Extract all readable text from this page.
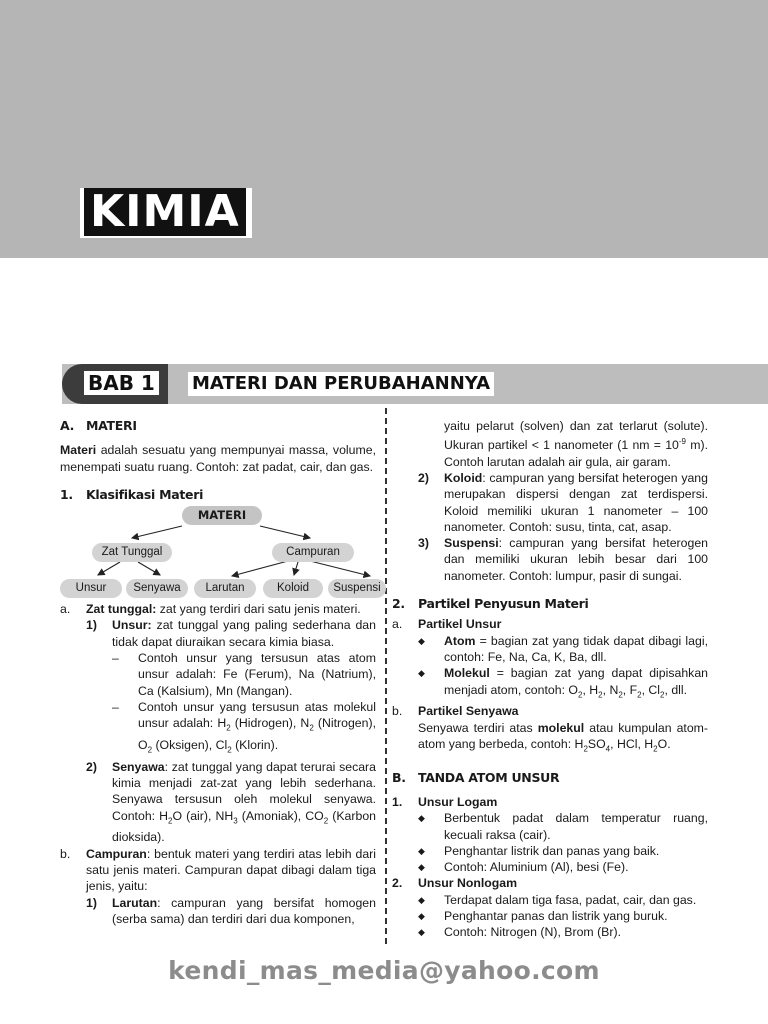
KIMIA
BAB 1 MATERI DAN PERUBAHANNYA
A. MATERI

Materi adalah sesuatu yang mempunyai massa, volume, menempati suatu ruang. Contoh: zat padat, cair, dan gas.

1.	Klasifikasi Materi
MATERI
Zat Tunggal	Campuran
Unsur	Senyawa	Larutan	Koloid	Suspensi
a.	Zat tunggal: zat yang terdiri dari satu jenis materi.
1)	Unsur: zat tunggal yang paling sederhana dan tidak dapat diuraikan secara kimia biasa.
–	Contoh unsur yang tersusun atas atom unsur adalah: Fe (Ferum), Na (Natrium), Ca (Kalsium), Mn (Mangan).
–	Contoh unsur yang tersusun atas molekul unsur adalah: $H_2$ (Hidrogen), $N_2$ (Nitrogen), $O_2$ (Oksigen), $Cl_2$ (Klorin).
2)	Senyawa: zat tunggal yang dapat terurai secara kimia menjadi zat-zat yang lebih sederhana. Senyawa tersusun oleh molekul senyawa. Contoh: $H_2O$ (air), $NH_3$ (Amoniak), $CO_2$ (Karbon dioksida).
b.	Campuran: bentuk materi yang terdiri atas lebih dari satu jenis materi. Campuran dapat dibagi dalam tiga jenis, yaitu:
1)	Larutan: campuran yang bersifat homogen (serba sama) dan terdiri dari dua komponen,
yaitu pelarut (solven) dan zat terlarut (solute). Ukuran partikel < 1 nanometer (1 nm = $10^{-9}$ m). Contoh larutan adalah air gula, air garam.
2)	Koloid: campuran yang bersifat heterogen yang merupakan dispersi dengan zat terdispersi. Koloid memiliki ukuran 1 nanometer – 100 nanometer. Contoh: susu, tinta, cat, asap.
3)	Suspensi: campuran yang bersifat heterogen dan memiliki ukuran lebih besar dari 100 nanometer. Contoh: lumpur, pasir di sungai.
2.	Partikel Penyusun Materi
a.	Partikel Unsur
◆	Atom = bagian zat yang tidak dapat dibagi lagi, contoh: Fe, Na, Ca, K, Ba, dll.
◆	Molekul = bagian zat yang dapat dipisahkan menjadi atom, contoh: $O_2$, $H_2$, $N_2$, $F_2$, $Cl_2$, dll.
b.	Partikel Senyawa
Senyawa terdiri atas molekul atau kumpulan atom-atom yang berbeda, contoh: $H_2SO_4$, HCl, $H_2O$.
B. TANDA ATOM UNSUR
1.	Unsur Logam
◆	Berbentuk padat dalam temperatur ruang, kecuali raksa (cair).
◆	Penghantar listrik dan panas yang baik.
◆	Contoh: Aluminium (Al), besi (Fe).
2.	Unsur Nonlogam
◆	Terdapat dalam tiga fasa, padat, cair, dan gas.
◆	Penghantar panas dan listrik yang buruk.
◆	Contoh: Nitrogen (N), Brom (Br).
kendi_mas_media@yahoo.com
